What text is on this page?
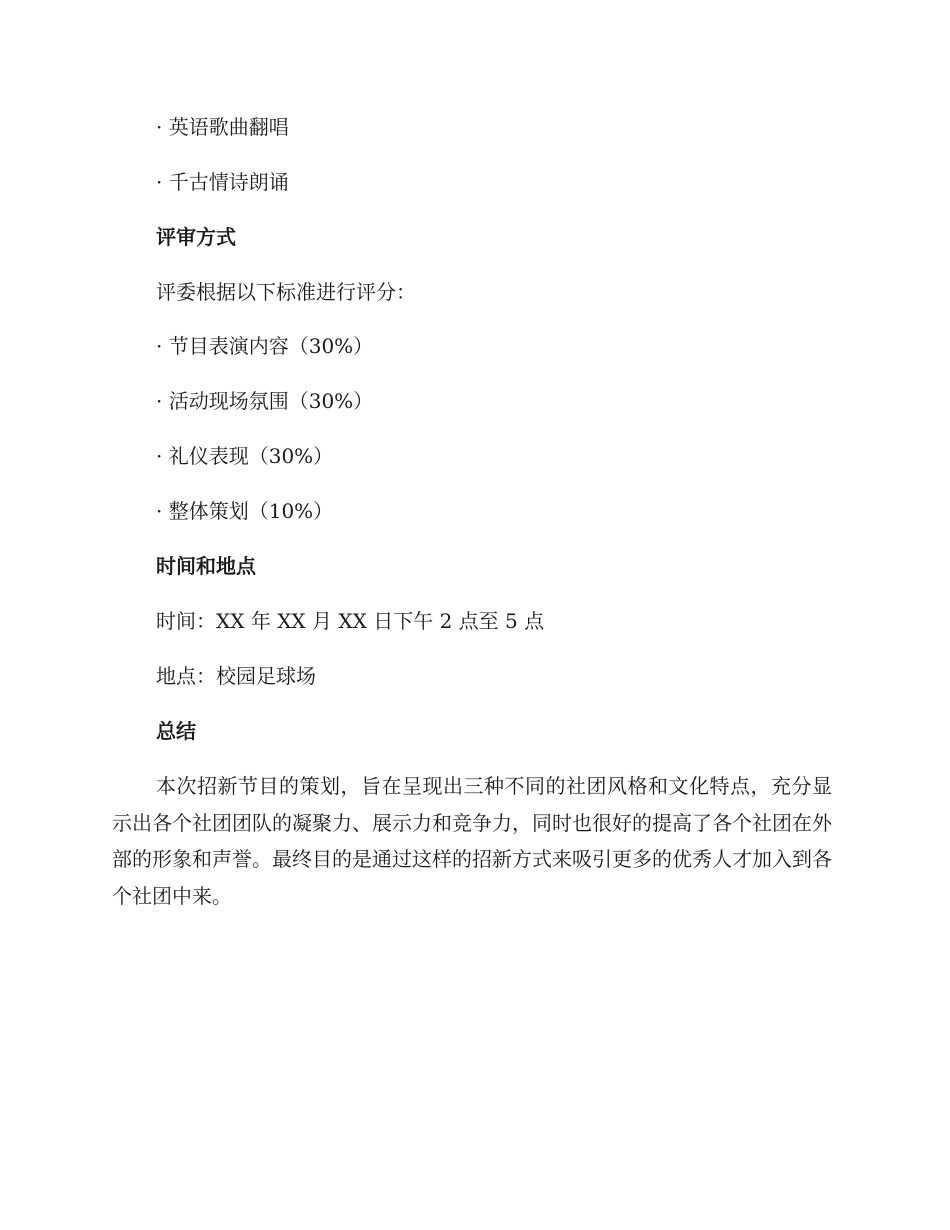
· 英语歌曲翻唱
· 千古情诗朗诵
评审方式
评委根据以下标准进行评分：
· 节目表演内容（30%）
· 活动现场氛围（30%）
· 礼仪表现（30%）
· 整体策划（10%）
时间和地点
时间：XX 年 XX 月 XX 日下午 2 点至 5 点
地点：校园足球场
总结
本次招新节目的策划，旨在呈现出三种不同的社团风格和文化特点，充分显示出各个社团团队的凝聚力、展示力和竞争力，同时也很好的提高了各个社团在外部的形象和声誉。最终目的是通过这样的招新方式来吸引更多的优秀人才加入到各个社团中来。
